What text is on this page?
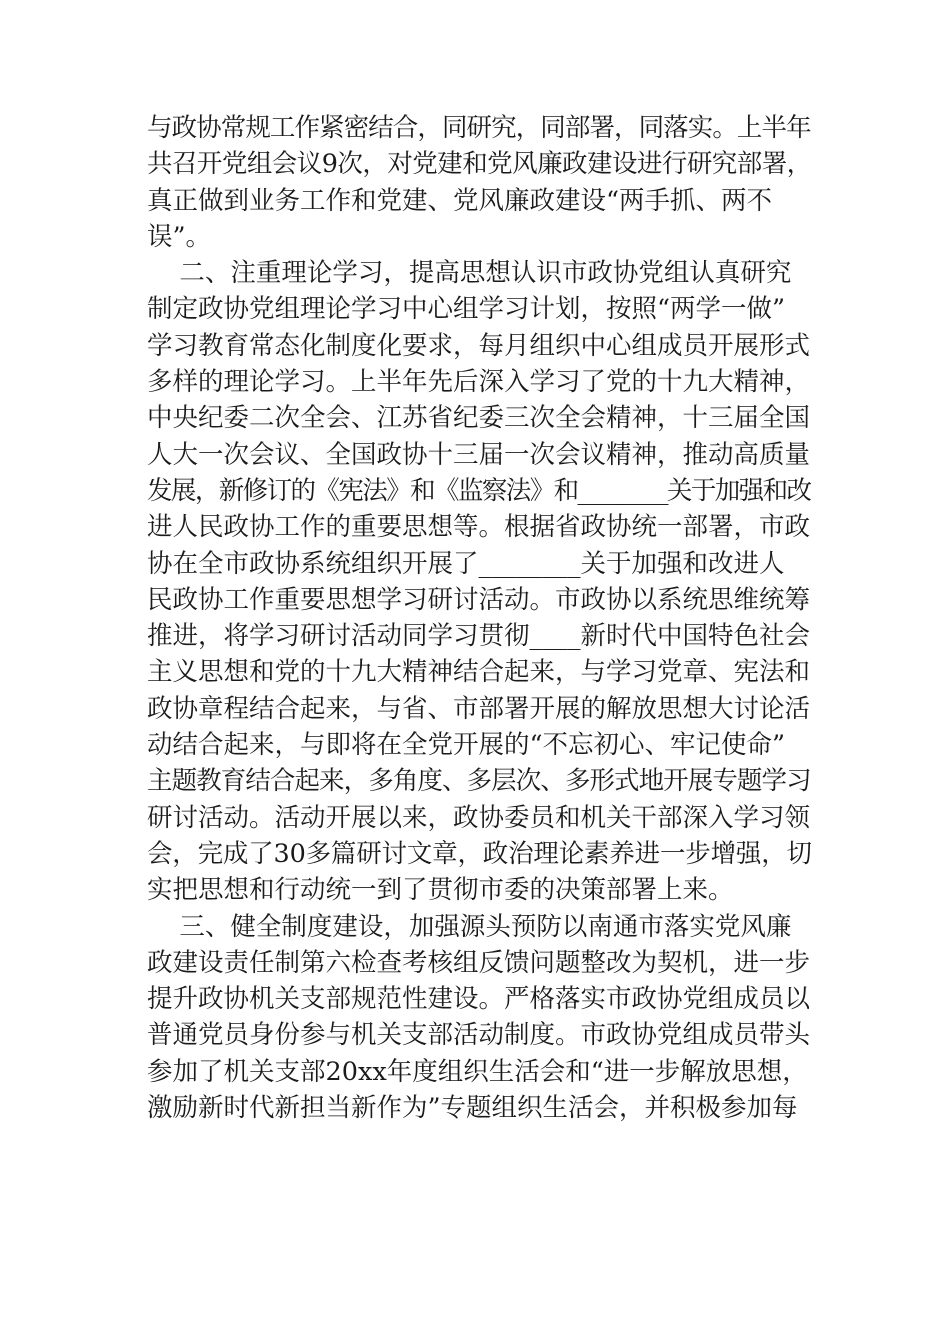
与政协常规工作紧密结合，同研究，同部署，同落实。上半年
共召开党组会议9次，对党建和党风廉政建设进行研究部署，
真正做到业务工作和党建、党风廉政建设“两手抓、两不
误”。
二、注重理论学习，提高思想认识市政协党组认真研究
制定政协党组理论学习中心组学习计划，按照“两学一做”
学习教育常态化制度化要求，每月组织中心组成员开展形式
多样的理论学习。上半年先后深入学习了党的十九大精神，
中央纪委二次全会、江苏省纪委三次全会精神，十三届全国
人大一次会议、全国政协十三届一次会议精神，推动高质量
发展，新修订的《宪法》和《监察法》和________关于加强和改
进人民政协工作的重要思想等。根据省政协统一部署，市政
协在全市政协系统组织开展了________关于加强和改进人
民政协工作重要思想学习研讨活动。市政协以系统思维统筹
推进，将学习研讨活动同学习贯彻____新时代中国特色社会
主义思想和党的十九大精神结合起来，与学习党章、宪法和
政协章程结合起来，与省、市部署开展的解放思想大讨论活
动结合起来，与即将在全党开展的“不忘初心、牢记使命”
主题教育结合起来，多角度、多层次、多形式地开展专题学习
研讨活动。活动开展以来，政协委员和机关干部深入学习领
会，完成了30多篇研讨文章，政治理论素养进一步增强，切
实把思想和行动统一到了贯彻市委的决策部署上来。
三、健全制度建设，加强源头预防以南通市落实党风廉
政建设责任制第六检查考核组反馈问题整改为契机，进一步
提升政协机关支部规范性建设。严格落实市政协党组成员以
普通党员身份参与机关支部活动制度。市政协党组成员带头
参加了机关支部20xx年度组织生活会和“进一步解放思想，
激励新时代新担当新作为”专题组织生活会，并积极参加每
